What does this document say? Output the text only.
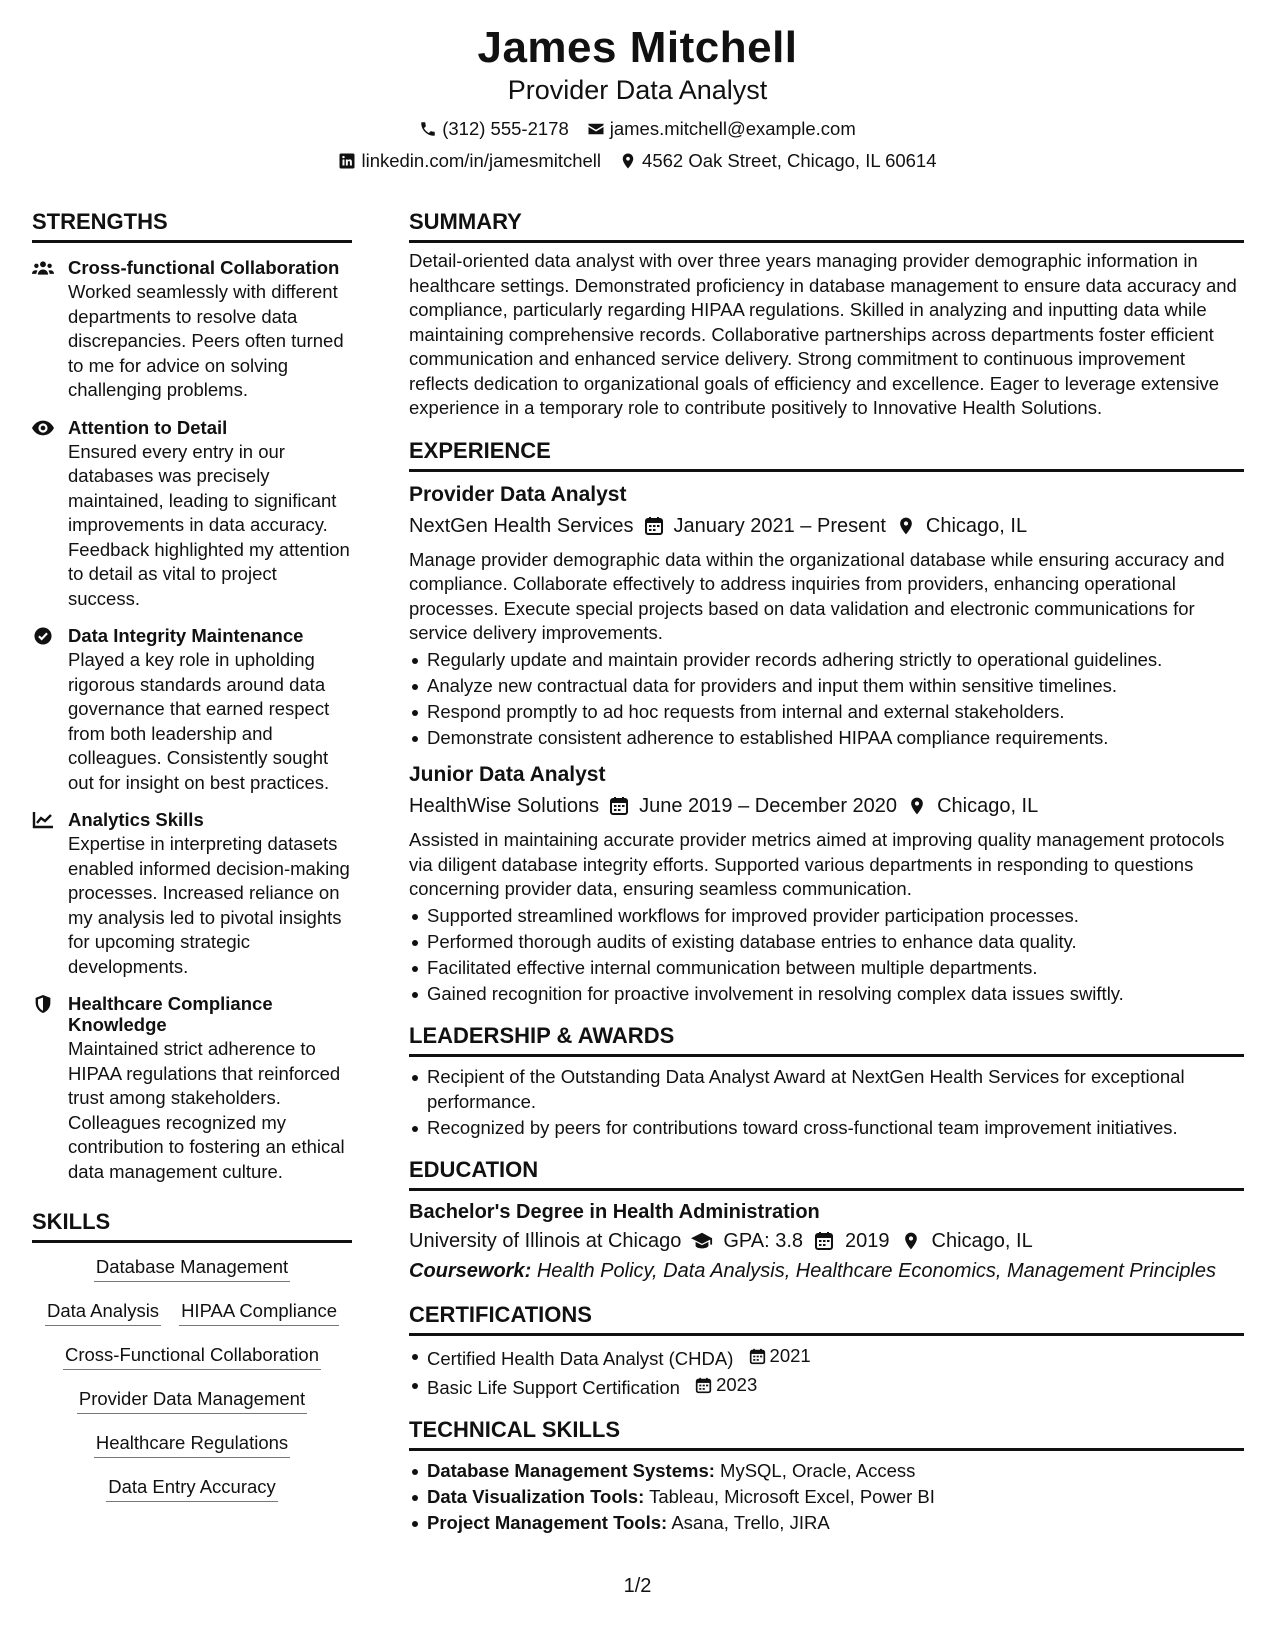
James Mitchell
Provider Data Analyst
(312) 555-2178 james.mitchell@example.com
linkedin.com/in/jamesmitchell 4562 Oak Street, Chicago, IL 60614
STRENGTHS
Cross-functional Collaboration
Worked seamlessly with different departments to resolve data discrepancies. Peers often turned to me for advice on solving challenging problems.
Attention to Detail
Ensured every entry in our databases was precisely maintained, leading to significant improvements in data accuracy. Feedback highlighted my attention to detail as vital to project success.
Data Integrity Maintenance
Played a key role in upholding rigorous standards around data governance that earned respect from both leadership and colleagues. Consistently sought out for insight on best practices.
Analytics Skills
Expertise in interpreting datasets enabled informed decision-making processes. Increased reliance on my analysis led to pivotal insights for upcoming strategic developments.
Healthcare Compliance Knowledge
Maintained strict adherence to HIPAA regulations that reinforced trust among stakeholders. Colleagues recognized my contribution to fostering an ethical data management culture.
SKILLS
Database Management
Data Analysis HIPAA Compliance
Cross-Functional Collaboration
Provider Data Management
Healthcare Regulations
Data Entry Accuracy
SUMMARY
Detail-oriented data analyst with over three years managing provider demographic information in healthcare settings. Demonstrated proficiency in database management to ensure data accuracy and compliance, particularly regarding HIPAA regulations. Skilled in analyzing and inputting data while maintaining comprehensive records. Collaborative partnerships across departments foster efficient communication and enhanced service delivery. Strong commitment to continuous improvement reflects dedication to organizational goals of efficiency and excellence. Eager to leverage extensive experience in a temporary role to contribute positively to Innovative Health Solutions.
EXPERIENCE
Provider Data Analyst
NextGen Health Services January 2021 – Present Chicago, IL
Manage provider demographic data within the organizational database while ensuring accuracy and compliance. Collaborate effectively to address inquiries from providers, enhancing operational processes. Execute special projects based on data validation and electronic communications for service delivery improvements.
Regularly update and maintain provider records adhering strictly to operational guidelines.
Analyze new contractual data for providers and input them within sensitive timelines.
Respond promptly to ad hoc requests from internal and external stakeholders.
Demonstrate consistent adherence to established HIPAA compliance requirements.
Junior Data Analyst
HealthWise Solutions June 2019 – December 2020 Chicago, IL
Assisted in maintaining accurate provider metrics aimed at improving quality management protocols via diligent database integrity efforts. Supported various departments in responding to questions concerning provider data, ensuring seamless communication.
Supported streamlined workflows for improved provider participation processes.
Performed thorough audits of existing database entries to enhance data quality.
Facilitated effective internal communication between multiple departments.
Gained recognition for proactive involvement in resolving complex data issues swiftly.
LEADERSHIP & AWARDS
Recipient of the Outstanding Data Analyst Award at NextGen Health Services for exceptional performance.
Recognized by peers for contributions toward cross-functional team improvement initiatives.
EDUCATION
Bachelor's Degree in Health Administration
University of Illinois at Chicago GPA: 3.8 2019 Chicago, IL
Coursework: Health Policy, Data Analysis, Healthcare Economics, Management Principles
CERTIFICATIONS
Certified Health Data Analyst (CHDA) 2021
Basic Life Support Certification 2023
TECHNICAL SKILLS
Database Management Systems: MySQL, Oracle, Access
Data Visualization Tools: Tableau, Microsoft Excel, Power BI
Project Management Tools: Asana, Trello, JIRA
1/2
